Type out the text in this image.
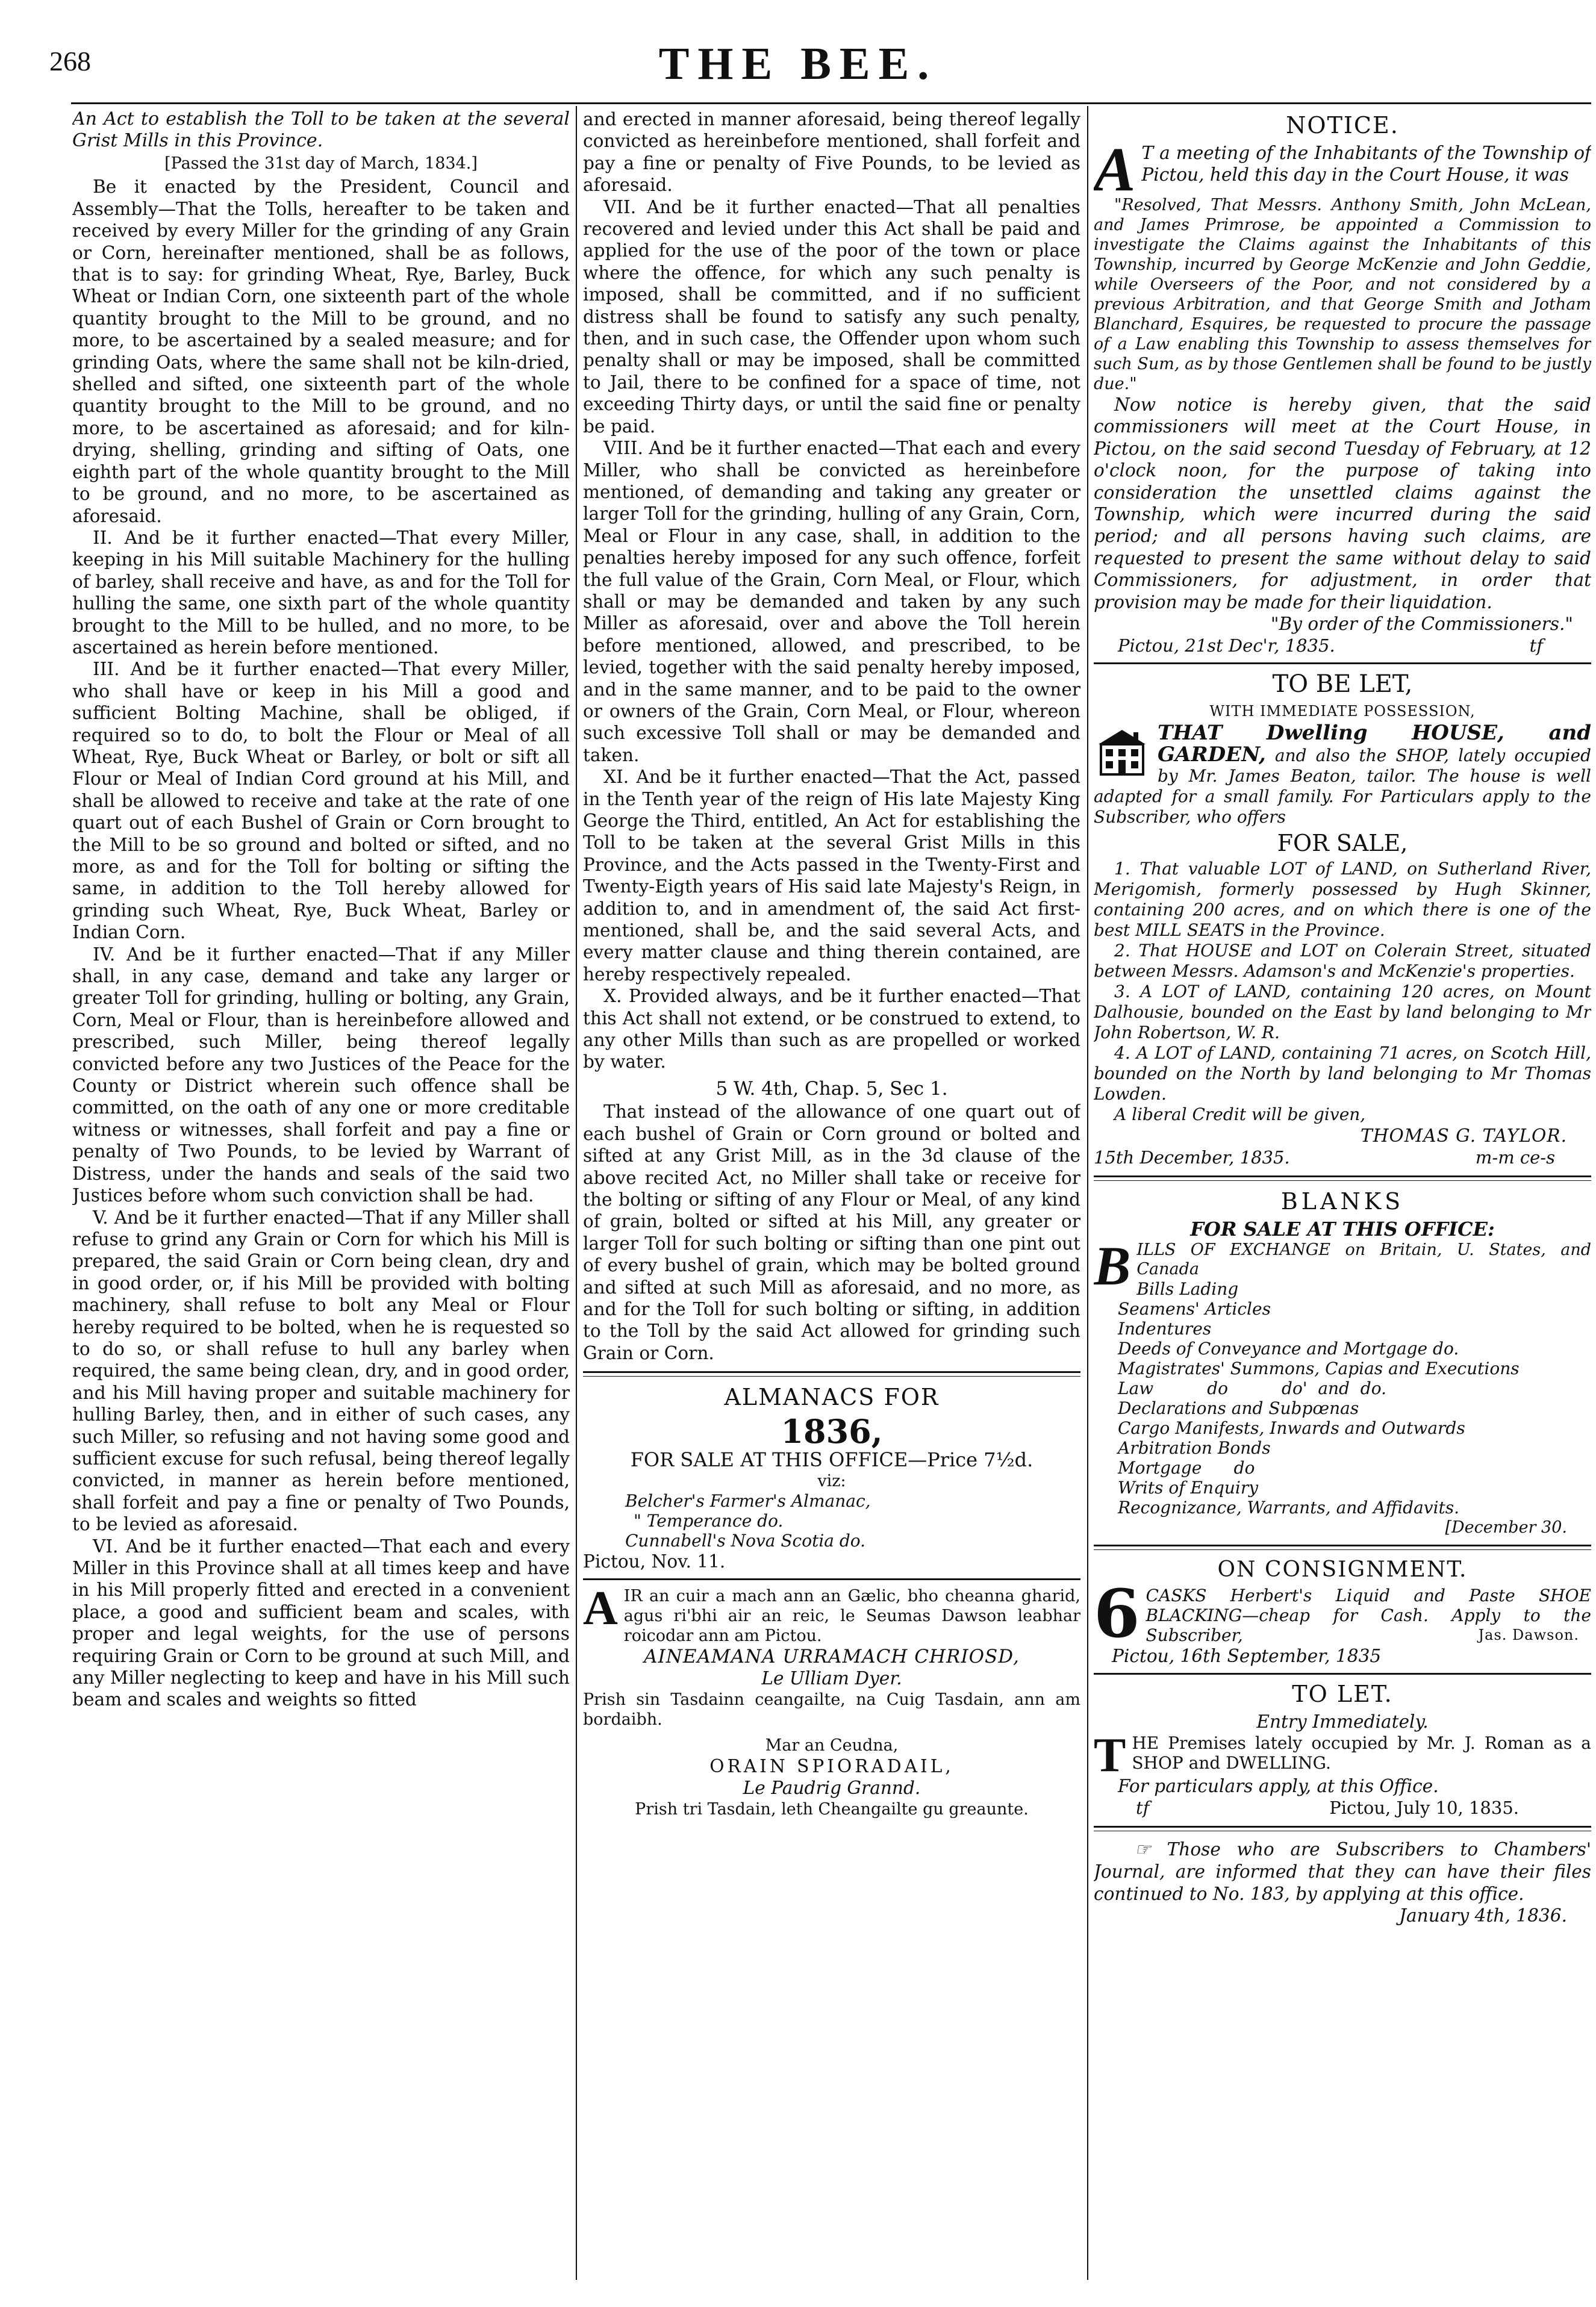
268	THE BEE.

An Act to establish the Toll to be taken at the several Grist Mills in this Province.

[Passed the 31st day of March, 1834.]

Be it enacted by the President, Council and Assembly—That the Tolls, hereafter to be taken and received by every Miller for the grinding of any Grain or Corn, hereinafter mentioned, shall be as follows, that is to say: for grinding Wheat, Rye, Barley, Buck Wheat or Indian Corn, one sixteenth part of the whole quantity brought to the Mill to be ground, and no more, to be ascertained by a sealed measure; and for grinding Oats, where the same shall not be kiln-dried, shelled and sifted, one sixteenth part of the whole quantity brought to the Mill to be ground, and no more, to be ascertained as aforesaid; and for kiln-drying, shelling, grinding and sifting of Oats, one eighth part of the whole quantity brought to the Mill to be ground, and no more, to be ascertained as aforesaid.

II. And be it further enacted—That every Miller, keeping in his Mill suitable Machinery for the hulling of barley, shall receive and have, as and for the Toll for hulling the same, one sixth part of the whole quantity brought to the Mill to be hulled, and no more, to be ascertained as herein before mentioned.

III. And be it further enacted—That every Miller, who shall have or keep in his Mill a good and sufficient Bolting Machine, shall be obliged, if required so to do, to bolt the Flour or Meal of all Wheat, Rye, Buck Wheat or Barley, or bolt or sift all Flour or Meal of Indian Cord ground at his Mill, and shall be allowed to receive and take at the rate of one quart out of each Bushel of Grain or Corn brought to the Mill to be so ground and bolted or sifted, and no more, as and for the Toll for bolting or sifting the same, in addition to the Toll hereby allowed for grinding such Wheat, Rye, Buck Wheat, Barley or Indian Corn.

IV. And be it further enacted—That if any Miller shall, in any case, demand and take any larger or greater Toll for grinding, hulling or bolting, any Grain, Corn, Meal or Flour, than is hereinbefore allowed and prescribed, such Miller, being thereof legally convicted before any two Justices of the Peace for the County or District wherein such offence shall be committed, on the oath of any one or more creditable witness or witnesses, shall forfeit and pay a fine or penalty of Two Pounds, to be levied by Warrant of Distress, under the hands and seals of the said two Justices before whom such conviction shall be had.

V. And be it further enacted—That if any Miller shall refuse to grind any Grain or Corn for which his Mill is prepared, the said Grain or Corn being clean, dry and in good order, or, if his Mill be provided with bolting machinery, shall refuse to bolt any Meal or Flour hereby required to be bolted, when he is requested so to do so, or shall refuse to hull any barley when required, the same being clean, dry, and in good order, and his Mill having proper and suitable machinery for hulling Barley, then, and in either of such cases, any such Miller, so refusing and not having some good and sufficient excuse for such refusal, being thereof legally convicted, in manner as herein before mentioned, shall forfeit and pay a fine or penalty of Two Pounds, to be levied as aforesaid.

VI. And be it further enacted—That each and every Miller in this Province shall at all times keep and have in his Mill properly fitted and erected in a convenient place, a good and sufficient beam and scales, with proper and legal weights, for the use of persons requiring Grain or Corn to be ground at such Mill, and any Miller neglecting to keep and have in his Mill such beam and scales and weights so fitted

and erected in manner aforesaid, being thereof legally convicted as hereinbefore mentioned, shall forfeit and pay a fine or penalty of Five Pounds, to be levied as aforesaid.

VII. And be it further enacted—That all penalties recovered and levied under this Act shall be paid and applied for the use of the poor of the town or place where the offence, for which any such penalty is imposed, shall be committed, and if no sufficient distress shall be found to satisfy any such penalty, then, and in such case, the Offender upon whom such penalty shall or may be imposed, shall be committed to Jail, there to be confined for a space of time, not exceeding Thirty days, or until the said fine or penalty be paid.

VIII. And be it further enacted—That each and every Miller, who shall be convicted as hereinbefore mentioned, of demanding and taking any greater or larger Toll for the grinding, hulling of any Grain, Corn, Meal or Flour in any case, shall, in addition to the penalties hereby imposed for any such offence, forfeit the full value of the Grain, Corn Meal, or Flour, which shall or may be demanded and taken by any such Miller as aforesaid, over and above the Toll herein before mentioned, allowed, and prescribed, to be levied, together with the said penalty hereby imposed, and in the same manner, and to be paid to the owner or owners of the Grain, Corn Meal, or Flour, whereon such excessive Toll shall or may be demanded and taken.

XI. And be it further enacted—That the Act, passed in the Tenth year of the reign of His late Majesty King George the Third, entitled, An Act for establishing the Toll to be taken at the several Grist Mills in this Province, and the Acts passed in the Twenty-First and Twenty-Eigth years of His said late Majesty's Reign, in addition to, and in amendment of, the said Act first-mentioned, shall be, and the said several Acts, and every matter clause and thing therein contained, are hereby respectively repealed.

X. Provided always, and be it further enacted—That this Act shall not extend, or be construed to extend, to any other Mills than such as are propelled or worked by water.

5 W. 4th, Chap. 5, Sec 1.

That instead of the allowance of one quart out of each bushel of Grain or Corn ground or bolted and sifted at any Grist Mill, as in the 3d clause of the above recited Act, no Miller shall take or receive for the bolting or sifting of any Flour or Meal, of any kind of grain, bolted or sifted at his Mill, any greater or larger Toll for such bolting or sifting than one pint out of every bushel of grain, which may be bolted ground and sifted at such Mill as aforesaid, and no more, as and for the Toll for such bolting or sifting, in addition to the Toll by the said Act allowed for grinding such Grain or Corn.

ALMANACS FOR
1836,

FOR SALE AT THIS OFFICE—Price 7½d.

viz:

Belcher's Farmer's Almanac,

" Temperance do.

Cunnabell's Nova Scotia do.

Pictou, Nov. 11.

AIR an cuir a mach ann an Gælic, bho cheanna gharid, agus ri'bhi air an reic, le Seumas Dawson leabhar roicodar ann am Pictou.

AINEAMANA URRAMACH CHRIOSD,

Le Ulliam Dyer.

Prish sin Tasdainn ceangailte, na Cuig Tasdain, ann am bordaibh.

Mar an Ceudna,

ORAIN SPIORADAIL,

Le Paudrig Grannd.

Prish tri Tasdain, leth Cheangailte gu greaunte.

NOTICE.

A T a meeting of the Inhabitants of the Township of Pictou, held this day in the Court House, it was

"Resolved, That Messrs. Anthony Smith, John McLean, and James Primrose, be appointed a Commission to investigate the Claims against the Inhabitants of this Township, incurred by George McKenzie and John Geddie, while Overseers of the Poor, and not considered by a previous Arbitration, and that George Smith and Jotham Blanchard, Esquires, be requested to procure the passage of a Law enabling this Township to assess themselves for such Sum, as by those Gentlemen shall be found to be justly due."

Now notice is hereby given, that the said commissioners will meet at the Court House, in Pictou, on the said second Tuesday of February, at 12 o'clock noon, for the purpose of taking into consideration the unsettled claims against the Township, which were incurred during the said period; and all persons having such claims, are requested to present the same without delay to said Commissioners, for adjustment, in order that provision may be made for their liquidation.

"By order of the Commissioners."

Pictou, 21st Dec'r, 1835.	tf
TO BE LET,

WITH IMMEDIATE POSSESSION,

THAT Dwelling HOUSE, and GARDEN, and also the SHOP, lately occupied by Mr. James Beaton, tailor. The house is well adapted for a small family. For Particulars apply to the Subscriber, who offers

FOR SALE,

1. That valuable LOT of LAND, on Sutherland River, Merigomish, formerly possessed by Hugh Skinner, containing 200 acres, and on which there is one of the best MILL SEATS in the Province.

2. That HOUSE and LOT on Colerain Street, situated between Messrs. Adamson's and McKenzie's properties.

3. A LOT of LAND, containing 120 acres, on Mount Dalhousie, bounded on the East by land belonging to Mr John Robertson, W. R.

4. A LOT of LAND, containing 71 acres, on Scotch Hill, bounded on the North by land belonging to Mr Thomas Lowden.

A liberal Credit will be given,

THOMAS G. TAYLOR.

15th December, 1835.	m-m ce-s
BLANKS

FOR SALE AT THIS OFFICE:

BILLS OF EXCHANGE on Britain, U. States, and Canada

Bills Lading

Seamens' Articles

Indentures

Deeds of Conveyance and Mortgage do.

Magistrates' Summons, Capias and Executions

Law          do          do'  and  do.

Declarations and Subpœnas

Cargo Manifests, Inwards and Outwards

Arbitration Bonds

Mortgage      do

Writs of Enquiry

Recognizance, Warrants, and Affidavits.

[December 30.

ON CONSIGNMENT.

6 CASKS Herbert's Liquid and Paste SHOE BLACKING—cheap for Cash. Apply to the Subscriber,	Jas. Dawson.

Pictou, 16th September, 1835

TO LET.

Entry Immediately.

THE Premises lately occupied by Mr. J. Roman as a SHOP and DWELLING.

For particulars apply, at this Office.

tf	Pictou, July 10, 1835.

☞ Those who are Subscribers to Chambers' Journal, are informed that they can have their files continued to No. 183, by applying at this office.

January 4th, 1836.
